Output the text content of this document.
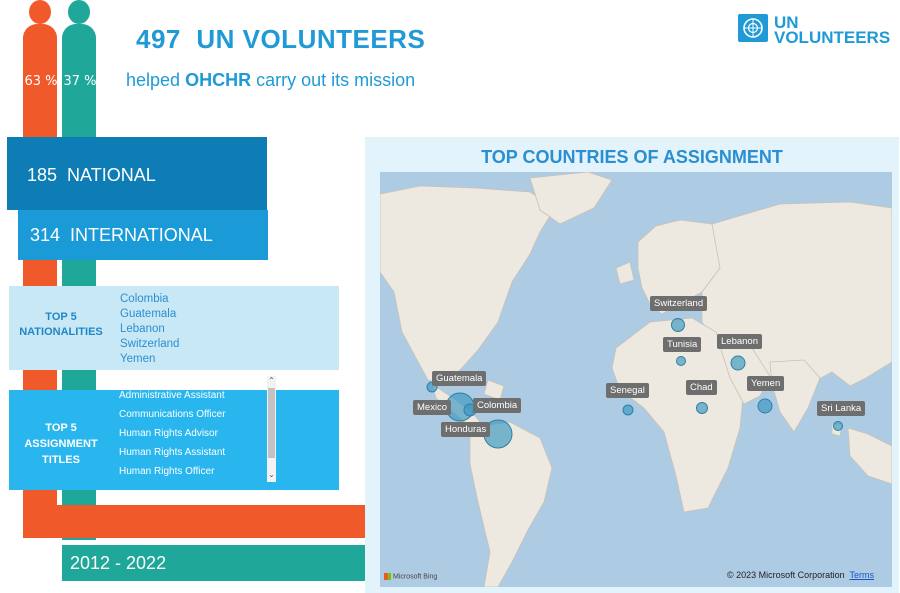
63 % 37 %
497 UN VOLUNTEERS
helped OHCHR carry out its mission
UN
VOLUNTEERS
185 NATIONAL
314 INTERNATIONAL
TOP 5
NATIONALITIES
Colombia
Guatemala
Lebanon
Switzerland
Yemen
TOP 5
ASSIGNMENT
TITLES
Administrative Assistant
Communications Officer
Human Rights Advisor
Human Rights Assistant
Human Rights Officer
⌃
⌄
2012 - 2022
TOP COUNTRIES OF ASSIGNMENT
Switzerland
Tunisia	Lebanon
Guatemala
Senegal	Chad	Yemen
Mexico	Colombia
Honduras
Sri Lanka
Microsoft Bing	© 2023 Microsoft Corporation Terms
